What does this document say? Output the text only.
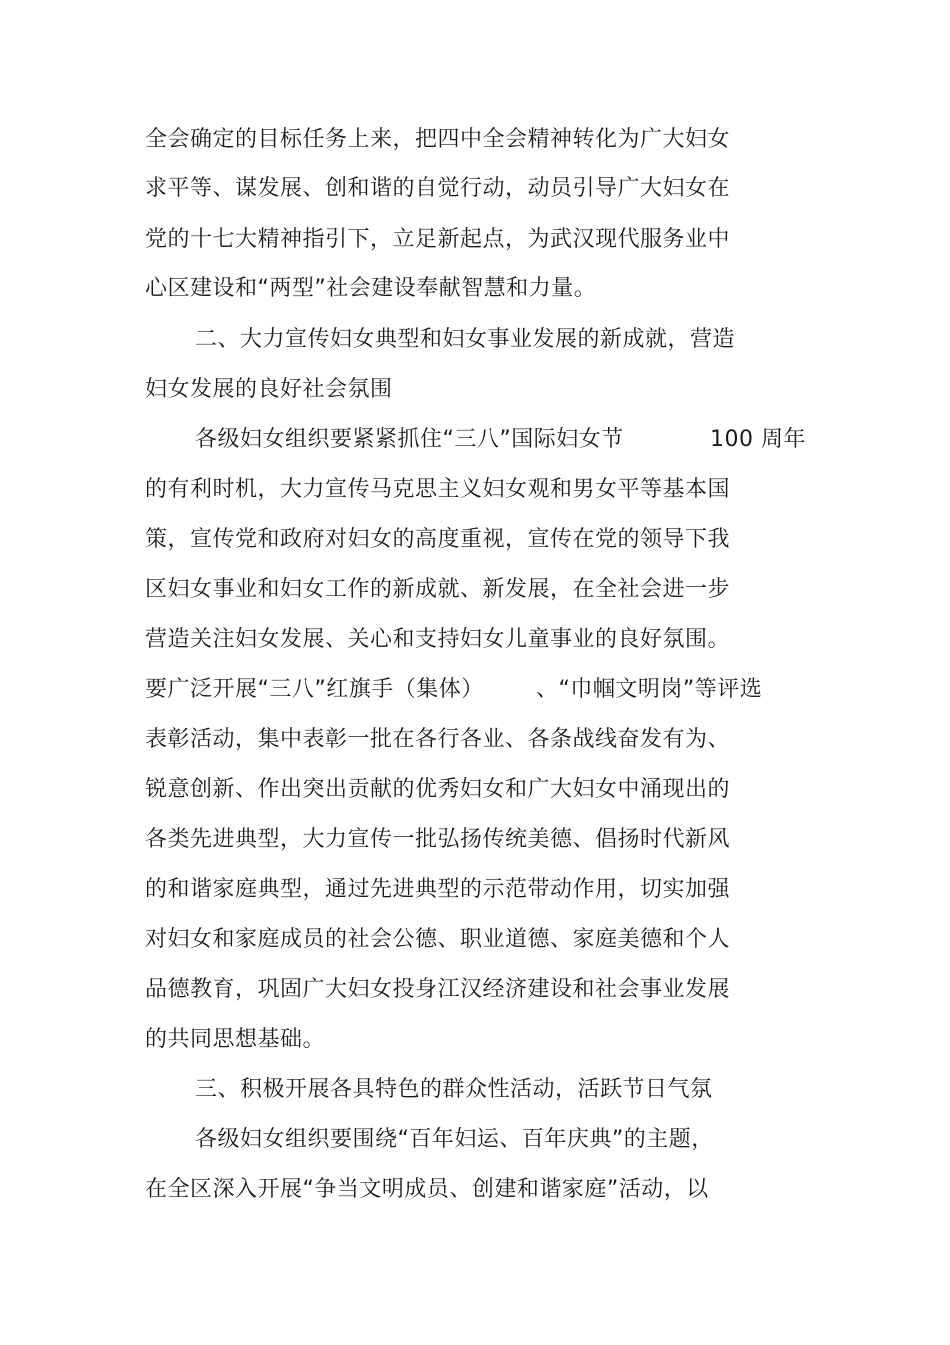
全会确定的目标任务上来，把四中全会精神转化为广大妇女
求平等、谋发展、创和谐的自觉行动，动员引导广大妇女在
党的十七大精神指引下，立足新起点，为武汉现代服务业中
心区建设和“两型”社会建设奉献智慧和力量。
二、大力宣传妇女典型和妇女事业发展的新成就，营造
妇女发展的良好社会氛围
各级妇女组织要紧紧抓住“三八”国际妇女节	100 周年
的有利时机，大力宣传马克思主义妇女观和男女平等基本国
策，宣传党和政府对妇女的高度重视，宣传在党的领导下我
区妇女事业和妇女工作的新成就、新发展，在全社会进一步
营造关注妇女发展、关心和支持妇女儿童事业的良好氛围。
要广泛开展“三八”红旗手（集体） 、“巾帼文明岗”等评选
表彰活动，集中表彰一批在各行各业、各条战线奋发有为、
锐意创新、作出突出贡献的优秀妇女和广大妇女中涌现出的
各类先进典型，大力宣传一批弘扬传统美德、倡扬时代新风
的和谐家庭典型，通过先进典型的示范带动作用，切实加强
对妇女和家庭成员的社会公德、职业道德、家庭美德和个人
品德教育，巩固广大妇女投身江汉经济建设和社会事业发展
的共同思想基础。
三、积极开展各具特色的群众性活动，活跃节日气氛
各级妇女组织要围绕“百年妇运、百年庆典”的主题，
在全区深入开展“争当文明成员、创建和谐家庭”活动，以
